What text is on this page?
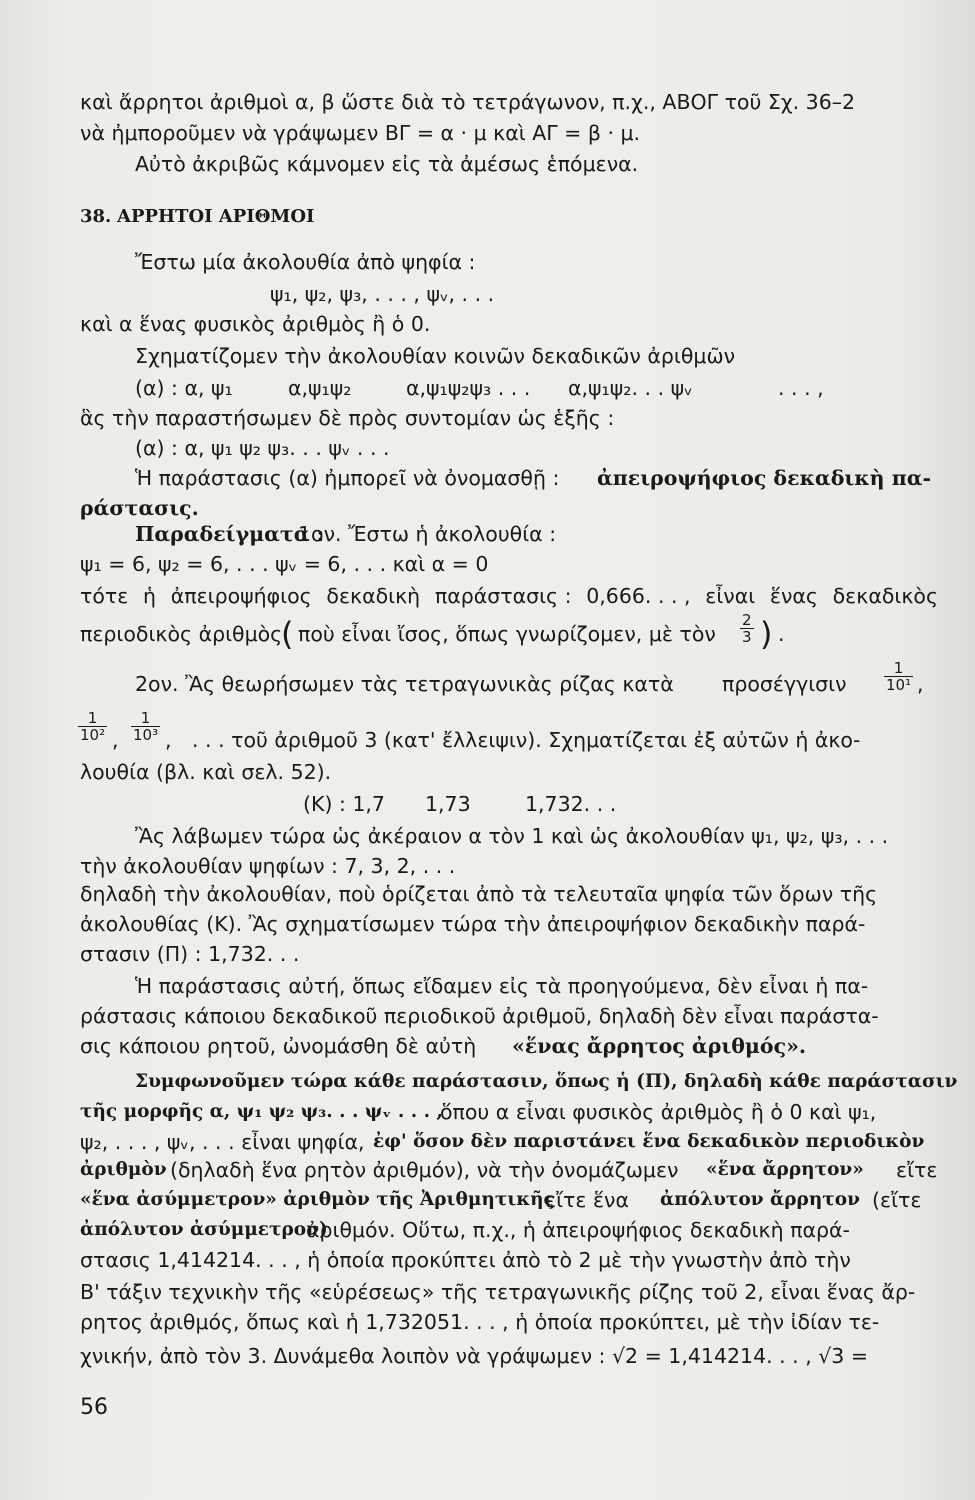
καὶ ἄρρητοι ἀριθμοὶ α, β ὥστε διὰ τὸ τετράγωνον, π.χ., ΑΒΟΓ τοῦ Σχ. 36–2
νὰ ἠμποροῦμεν νὰ γράψωμεν ΒΓ = α · μ καὶ ΑΓ = β · μ.
Αὐτὸ ἀκριβῶς κάμνομεν εἰς τὰ ἀμέσως ἑπόμενα.
38. ΑΡΡΗΤΟΙ ΑΡΙΘΜΟΙ
Ἔστω μία ἀκολουθία ἀπὸ ψηφία :
ψ₁, ψ₂, ψ₃, . . . , ψᵥ, . . .
καὶ α ἕνας φυσικὸς ἀριθμὸς ἢ ὁ 0.
Σχηματίζομεν τὴν ἀκολουθίαν κοινῶν δεκαδικῶν ἀριθμῶν
(α) : α, ψ₁	α,ψ₁ψ₂	α,ψ₁ψ₂ψ₃ . . . α,ψ₁ψ₂. . . ψᵥ	. . . ,
ἃς τὴν παραστήσωμεν δὲ πρὸς συντομίαν ὡς ἑξῆς :
(α) : α, ψ₁ ψ₂ ψ₃. . . ψᵥ . . .
Ἡ παράστασις (α) ἠμπορεῖ νὰ ὀνομασθῇ : ἀπειροψήφιος δεκαδικὴ πα-
ράστασις.
Παραδείγματα :
1ον. Ἔστω ἡ ἀκολουθία :
ψ₁ = 6, ψ₂ = 6, . . . ψᵥ = 6, . . . καὶ α = 0
τότε ἡ ἀπειροψήφιος δεκαδικὴ παράστασις : 0,666. . . , εἶναι ἕνας δεκαδικὸς
περιοδικὸς ἀριθμὸς
( ποὺ εἶναι ἴσος, ὅπως γνωρίζομεν, μὲ τὸν $\frac{2}{3}$ ) .
2ον. Ἂς θεωρήσωμεν τὰς τετραγωνικὰς ρίζας κατὰ προσέγγισιν $\frac{1}{\text{10¹}}$ ,
$\frac{1}{\text{10²}}$ , $\frac{1}{\text{10³}}$ , . . . τοῦ ἀριθμοῦ 3 (κατ' ἔλλειψιν). Σχηματίζεται ἐξ αὐτῶν ἡ ἀκο-
λουθία (βλ. καὶ σελ. 52).
(Κ) : 1,7 1,73	1,732. . .
Ἂς λάβωμεν τώρα ὡς ἀκέραιον α τὸν 1 καὶ ὡς ἀκολουθίαν ψ₁, ψ₂, ψ₃, . . .
τὴν ἀκολουθίαν ψηφίων : 7, 3, 2, . . .
δηλαδὴ τὴν ἀκολουθίαν, ποὺ ὁρίζεται ἀπὸ τὰ τελευταῖα ψηφία τῶν ὅρων τῆς
ἀκολουθίας (Κ). Ἂς σχηματίσωμεν τώρα τὴν ἀπειροψήφιον δεκαδικὴν παρά-
στασιν (Π) : 1,732. . .
Ἡ παράστασις αὐτή, ὅπως εἴδαμεν εἰς τὰ προηγούμενα, δὲν εἶναι ἡ πα-
ράστασις κάποιου δεκαδικοῦ περιοδικοῦ ἀριθμοῦ, δηλαδὴ δὲν εἶναι παράστα-
σις κάποιου ρητοῦ, ὠνομάσθη δὲ αὐτὴ «ἕνας ἄρρητος ἀριθμός».
Συμφωνοῦμεν τώρα κάθε παράστασιν, ὅπως ἡ (Π), δηλαδὴ κάθε παράστασιν
τῆς μορφῆς α, ψ₁ ψ₂ ψ₃. . . ψᵥ . . . ,
ὅπου α εἶναι φυσικὸς ἀριθμὸς ἢ ὁ 0 καὶ ψ₁,
ψ₂, . . . , ψᵥ, . . . εἶναι ψηφία, ἐφ' ὅσον δὲν παριστάνει ἕνα δεκαδικὸν περιοδικὸν
ἀριθμὸν (δηλαδὴ ἕνα ρητὸν ἀριθμόν), νὰ τὴν ὀνομάζωμεν «ἕνα ἄρρητον» εἴτε
«ἕνα ἀσύμμετρον» ἀριθμὸν τῆς Ἀριθμητικῆς
εἴτε ἕνα ἀπόλυτον ἄρρητον (εἴτε
ἀπόλυτον ἀσύμμετρον)
ἀριθμόν. Οὕτω, π.χ., ἡ ἀπειροψήφιος δεκαδικὴ παρά-
στασις 1,414214. . . , ἡ ὁποία προκύπτει ἀπὸ τὸ 2 μὲ τὴν γνωστὴν ἀπὸ τὴν
Β' τάξιν τεχνικὴν τῆς «εὑρέσεως» τῆς τετραγωνικῆς ρίζης τοῦ 2, εἶναι ἕνας ἄρ-
ρητος ἀριθμός, ὅπως καὶ ἡ 1,732051. . . , ἡ ὁποία προκύπτει, μὲ τὴν ἰδίαν τε-
χνικήν, ἀπὸ τὸν 3. Δυνάμεθα λοιπὸν νὰ γράψωμεν : √2 = 1,414214. . . , √3 =
56
